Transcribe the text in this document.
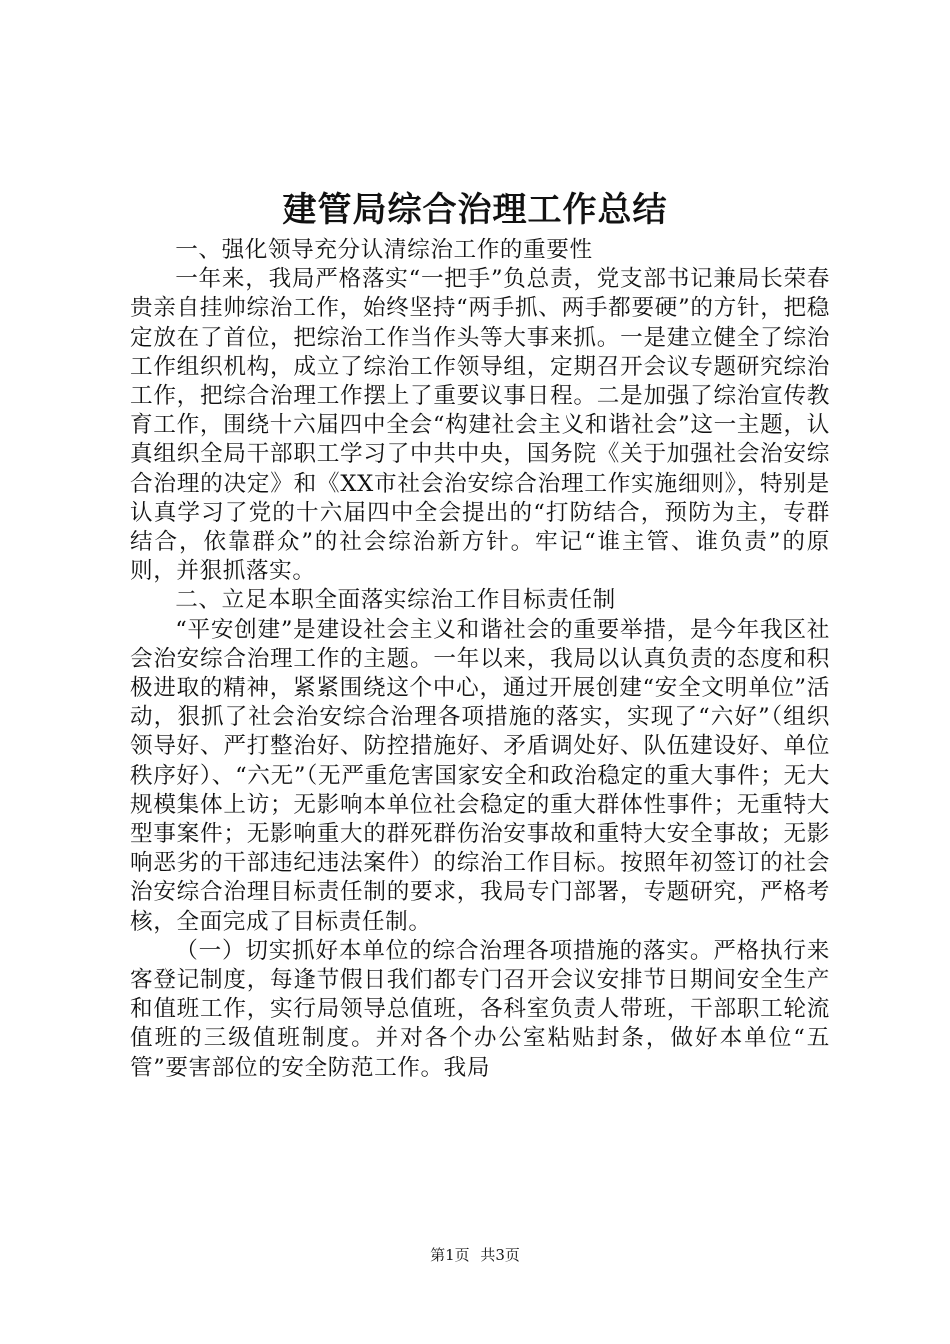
建管局综合治理工作总结

一、强化领导充分认清综治工作的重要性

一年来，我局严格落实“一把手”负总责，党支部书记兼局长荣春贵亲自挂帅综治工作，始终坚持“两手抓、两手都要硬”的方针，把稳定放在了首位，把综治工作当作头等大事来抓。一是建立健全了综治工作组织机构，成立了综治工作领导组，定期召开会议专题研究综治工作，把综合治理工作摆上了重要议事日程。二是加强了综治宣传教育工作，围绕十六届四中全会“构建社会主义和谐社会”这一主题，认真组织全局干部职工学习了中共中央，国务院《关于加强社会治安综合治理的决定》和《XX市社会治安综合治理工作实施细则》，特别是认真学习了党的十六届四中全会提出的“打防结合，预防为主，专群结合，依靠群众”的社会综治新方针。牢记“谁主管、谁负责”的原则，并狠抓落实。

二、立足本职全面落实综治工作目标责任制

“平安创建”是建设社会主义和谐社会的重要举措，是今年我区社会治安综合治理工作的主题。一年以来，我局以认真负责的态度和积极进取的精神，紧紧围绕这个中心，通过开展创建“安全文明单位”活动，狠抓了社会治安综合治理各项措施的落实，实现了“六好”（组织领导好、严打整治好、防控措施好、矛盾调处好、队伍建设好、单位秩序好）、“六无”（无严重危害国家安全和政治稳定的重大事件；无大规模集体上访；无影响本单位社会稳定的重大群体性事件；无重特大型事案件；无影响重大的群死群伤治安事故和重特大安全事故；无影响恶劣的干部违纪违法案件）的综治工作目标。按照年初签订的社会治安综合治理目标责任制的要求，我局专门部署，专题研究，严格考核，全面完成了目标责任制。

（一）切实抓好本单位的综合治理各项措施的落实。严格执行来客登记制度，每逢节假日我们都专门召开会议安排节日期间安全生产和值班工作，实行局领导总值班，各科室负责人带班，干部职工轮流值班的三级值班制度。并对各个办公室粘贴封条，做好本单位“五管”要害部位的安全防范工作。我局

第1页 共3页
